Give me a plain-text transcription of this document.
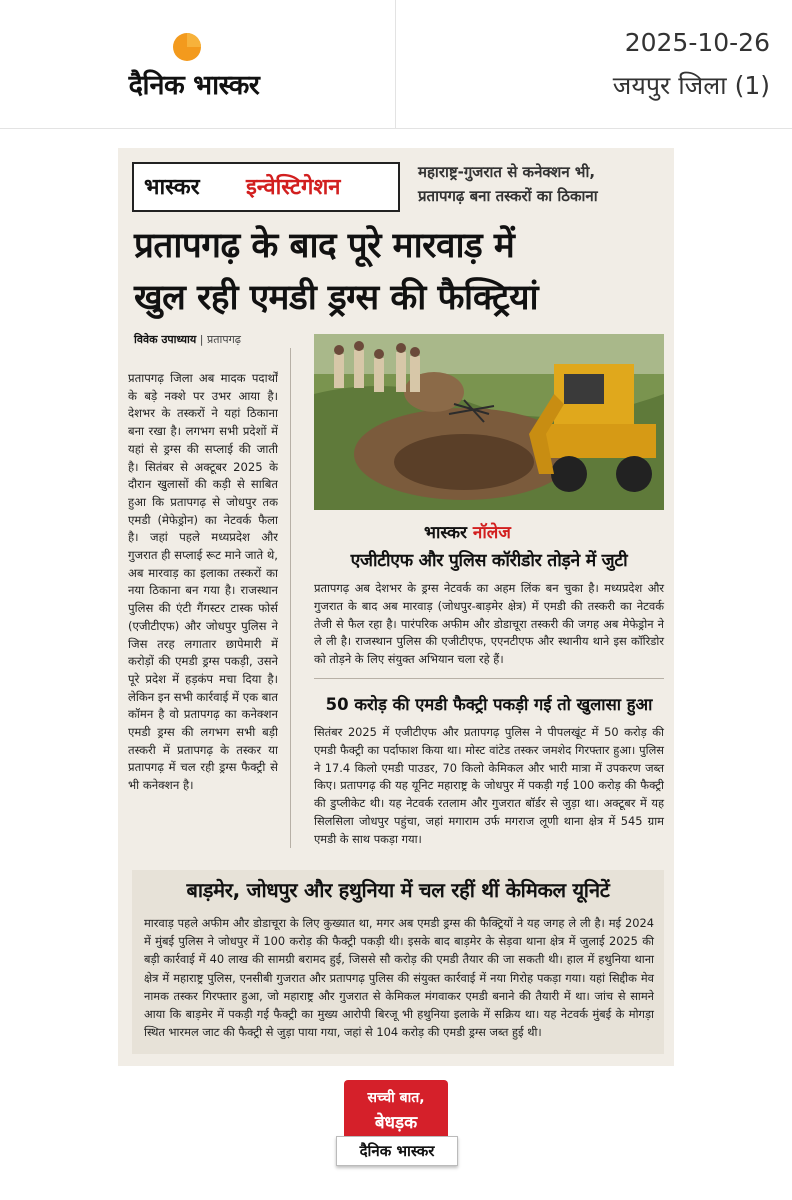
दैनिक भास्कर
2025-10-26
जयपुर जिला (1)
भास्कर इन्वेस्टिगेशन
महाराष्ट्र-गुजरात से कनेक्शन भी,
प्रतापगढ़ बना तस्करों का ठिकाना
प्रतापगढ़ के बाद पूरे मारवाड़ में
खुल रही एमडी ड्रग्स की फैक्ट्रियां
विवेक उपाध्याय | प्रतापगढ़
प्रतापगढ़ जिला अब मादक पदार्थों के बड़े नक्शे पर उभर आया है। देशभर के तस्करों ने यहां ठिकाना बना रखा है। लगभग सभी प्रदेशों में यहां से ड्रग्स की सप्लाई की जाती है। सितंबर से अक्टूबर 2025 के दौरान खुलासों की कड़ी से साबित हुआ कि प्रतापगढ़ से जोधपुर तक एमडी (मेफेड्रोन) का नेटवर्क फैला है। जहां पहले मध्यप्रदेश और गुजरात ही सप्लाई रूट माने जाते थे, अब मारवाड़ का इलाका तस्करों का नया ठिकाना बन गया है। राजस्थान पुलिस की एंटी गैंगस्टर टास्क फोर्स (एजीटीएफ) और जोधपुर पुलिस ने जिस तरह लगातार छापेमारी में करोड़ों की एमडी ड्रग्स पकड़ी, उसने पूरे प्रदेश में हड़कंप मचा दिया है। लेकिन इन सभी कार्रवाई में एक बात कॉमन है वो प्रतापगढ़ का कनेक्शन एमडी ड्रग्स की लगभग सभी बड़ी तस्करी में प्रतापगढ़ के तस्कर या प्रतापगढ़ में चल रही ड्रग्स फैक्ट्री से भी कनेक्शन है।
भास्कर नॉलेज
एजीटीएफ और पुलिस कॉरीडोर तोड़ने में जुटी
प्रतापगढ़ अब देशभर के ड्रग्स नेटवर्क का अहम लिंक बन चुका है। मध्यप्रदेश और गुजरात के बाद अब मारवाड़ (जोधपुर-बाड़मेर क्षेत्र) में एमडी की तस्करी का नेटवर्क तेजी से फैल रहा है। पारंपरिक अफीम और डोडाचूरा तस्करी की जगह अब मेफेड्रोन ने ले ली है। राजस्थान पुलिस की एजीटीएफ, एएनटीएफ और स्थानीय थाने इस कॉरिडोर को तोड़ने के लिए संयुक्त अभियान चला रहे हैं।
50 करोड़ की एमडी फैक्ट्री पकड़ी गई तो खुलासा हुआ
सितंबर 2025 में एजीटीएफ और प्रतापगढ़ पुलिस ने पीपलखूंट में 50 करोड़ की एमडी फैक्ट्री का पर्दाफाश किया था। मोस्ट वांटेड तस्कर जमशेद गिरफ्तार हुआ। पुलिस ने 17.4 किलो एमडी पाउडर, 70 किलो केमिकल और भारी मात्रा में उपकरण जब्त किए। प्रतापगढ़ की यह यूनिट महाराष्ट्र के जोधपुर में पकड़ी गई 100 करोड़ की फैक्ट्री की डुप्लीकेट थी। यह नेटवर्क रतलाम और गुजरात बॉर्डर से जुड़ा था। अक्टूबर में यह सिलसिला जोधपुर पहुंचा, जहां मगाराम उर्फ मगराज लूणी थाना क्षेत्र में 545 ग्राम एमडी के साथ पकड़ा गया।
बाड़मेर, जोधपुर और हथुनिया में चल रहीं थीं केमिकल यूनिटें
मारवाड़ पहले अफीम और डोडाचूरा के लिए कुख्यात था, मगर अब एमडी ड्रग्स की फैक्ट्रियों ने यह जगह ले ली है। मई 2024 में मुंबई पुलिस ने जोधपुर में 100 करोड़ की फैक्ट्री पकड़ी थी। इसके बाद बाड़मेर के सेड़वा थाना क्षेत्र में जुलाई 2025 की बड़ी कार्रवाई में 40 लाख की सामग्री बरामद हुई, जिससे सौ करोड़ की एमडी तैयार की जा सकती थी। हाल में हथुनिया थाना क्षेत्र में महाराष्ट्र पुलिस, एनसीबी गुजरात और प्रतापगढ़ पुलिस की संयुक्त कार्रवाई में नया गिरोह पकड़ा गया। यहां सिद्दीक मेव नामक तस्कर गिरफ्तार हुआ, जो महाराष्ट्र और गुजरात से केमिकल मंगवाकर एमडी बनाने की तैयारी में था। जांच से सामने आया कि बाड़मेर में पकड़ी गई फैक्ट्री का मुख्य आरोपी बिरजू भी हथुनिया इलाके में सक्रिय था। यह नेटवर्क मुंबई के मोगड़ा स्थित भारमल जाट की फैक्ट्री से जुड़ा पाया गया, जहां से 104 करोड़ की एमडी ड्रग्स जब्त हुई थी।
सच्ची बात,
बेधड़क
दैनिक भास्कर
